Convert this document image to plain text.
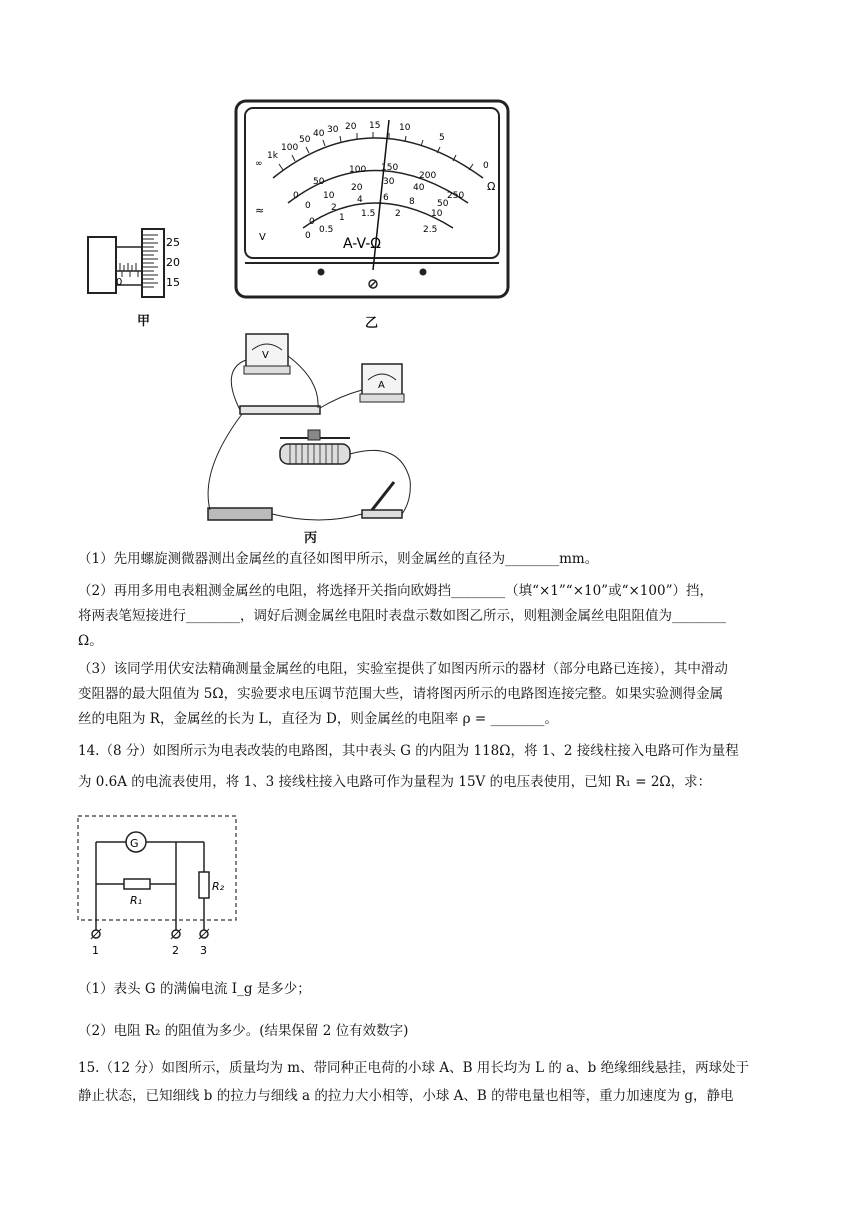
25
20
15
0
甲
∞
1k
100
50
40 30 20 15 10
5
0
Ω
0
50
100 150
200
250
0
10
20
30
40
50
0
2
4 6 8
10
0
0.5
1 1.5 2
2.5
≈
V	A-V-Ω
乙
V
A
丙
（1）先用螺旋测微器测出金属丝的直径如图甲所示，则金属丝的直径为________mm。
（2）再用多用电表粗测金属丝的电阻，将选择开关指向欧姆挡________（填“×1”“×10”或“×100”）挡，
将两表笔短接进行________，调好后测金属丝电阻时表盘示数如图乙所示，则粗测金属丝电阻阻值为________
Ω。
（3）该同学用伏安法精确测量金属丝的电阻，实验室提供了如图丙所示的器材（部分电路已连接），其中滑动
变阻器的最大阻值为 5Ω，实验要求电压调节范围大些，请将图丙所示的电路图连接完整。如果实验测得金属
丝的电阻为 R，金属丝的长为 L，直径为 D，则金属丝的电阻率 ρ = ________。
14.（8 分）如图所示为电表改装的电路图，其中表头 G 的内阻为 118Ω，将 1、2 接线柱接入电路可作为量程
为 0.6A 的电流表使用，将 1、3 接线柱接入电路可作为量程为 15V 的电压表使用，已知 R₁ = 2Ω，求：
G
R₁
R₂
1	2 3
（1）表头 G 的满偏电流 I_g 是多少；
（2）电阻 R₂ 的阻值为多少。(结果保留 2 位有效数字)
15.（12 分）如图所示，质量均为 m、带同种正电荷的小球 A、B 用长均为 L 的 a、b 绝缘细线悬挂，两球处于
静止状态，已知细线 b 的拉力与细线 a 的拉力大小相等，小球 A、B 的带电量也相等，重力加速度为 g，静电
